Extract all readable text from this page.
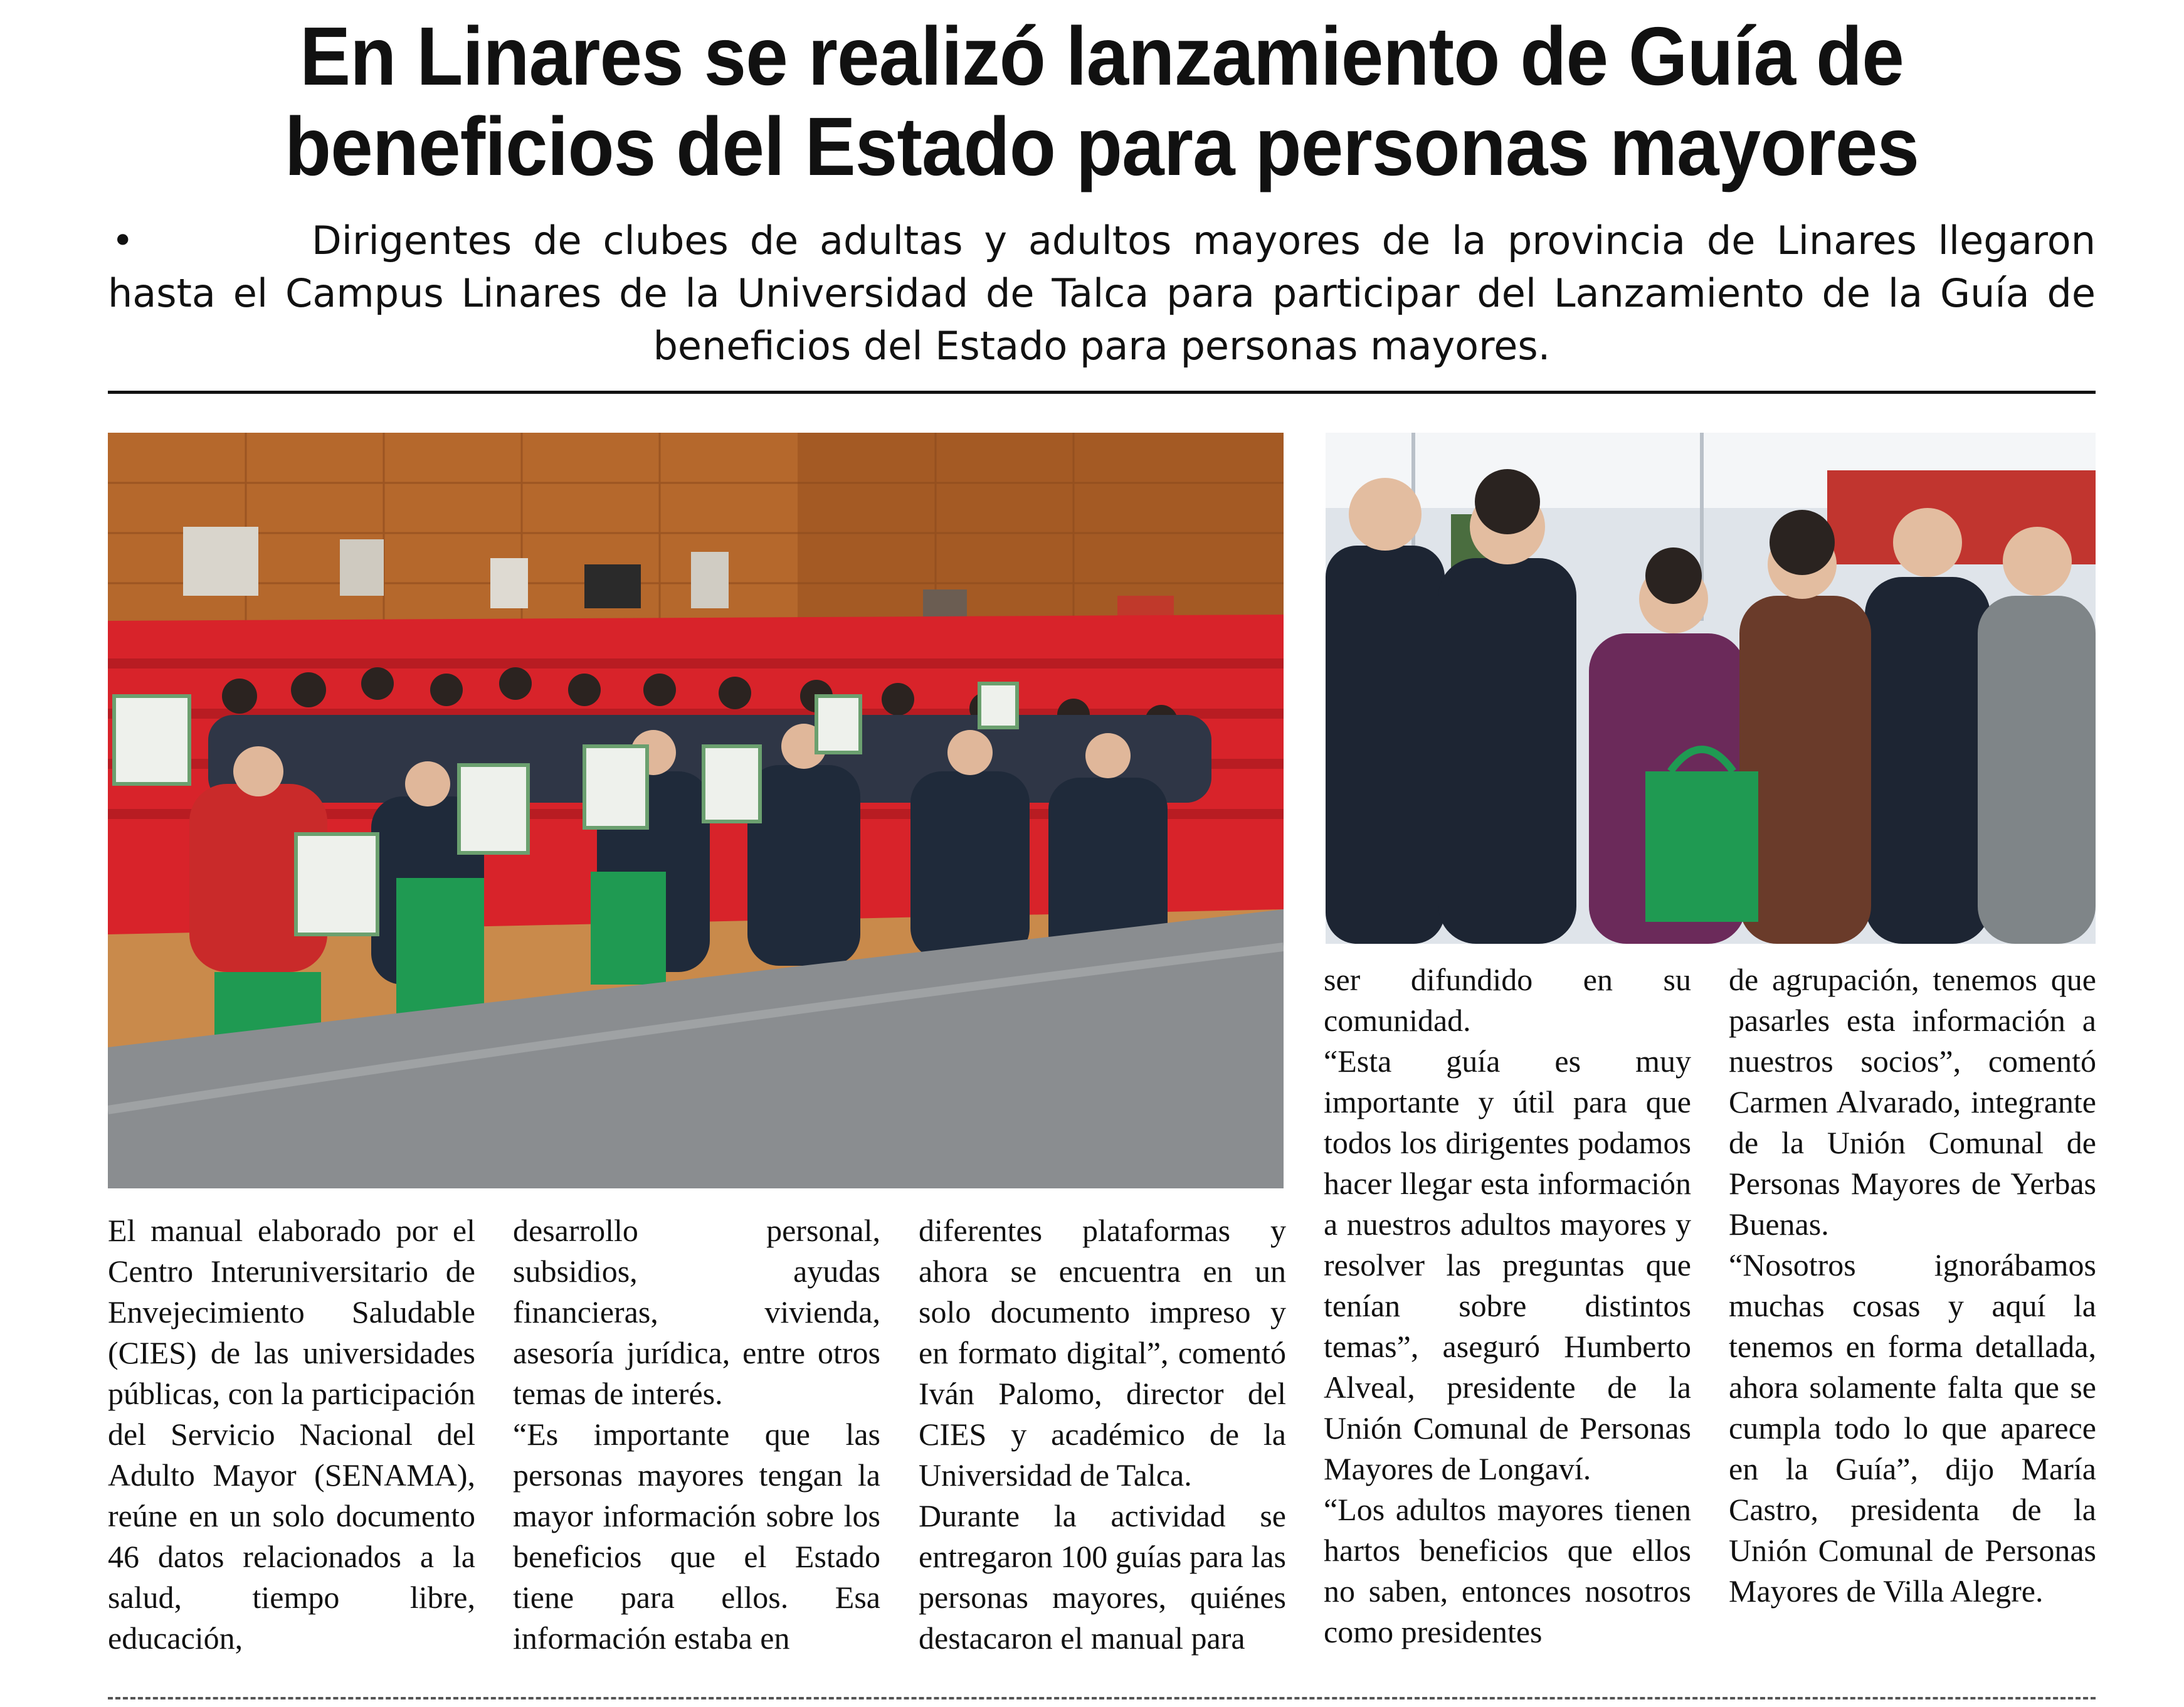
En Linares se realizó lanzamiento de Guía de beneficios del Estado para personas mayores
•	Dirigentes de clubes de adultas y adultos mayores de la provincia de Linares llegaron hasta el Campus Linares de la Universidad de Talca para participar del Lanzamiento de la Guía de beneficios del Estado para personas mayores.

El manual elaborado por el Centro Interuniversitario de Envejecimiento Saludable (CIES) de las universidades públicas, con la participación del Servicio Nacional del Adulto Mayor (SENAMA), reúne en un solo documento 46 datos relacionados a la salud, tiempo libre, educación,

desarrollo personal, subsidios, ayudas financieras, vivienda, asesoría jurídica, entre otros temas de interés.

“Es importante que las personas mayores tengan la mayor información sobre los beneficios que el Estado tiene para ellos. Esa información estaba en

diferentes plataformas y ahora se encuentra en un solo documento impreso y en formato digital”, comentó Iván Palomo, director del CIES y académico de la Universidad de Talca.

Durante la actividad se entregaron 100 guías para las personas mayores, quiénes destacaron el manual para

ser difundido en su comunidad.

“Esta guía es muy importante y útil para que todos los dirigentes podamos hacer llegar esta información a nuestros adultos mayores y resolver las preguntas que tenían sobre distintos temas”, aseguró Humberto Alveal, presidente de la Unión Comunal de Personas Mayores de Longaví.

“Los adultos mayores tienen hartos beneficios que ellos no saben, entonces nosotros como presidentes

de agrupación, tenemos que pasarles esta información a nuestros socios”, comentó Carmen Alvarado, integrante de la Unión Comunal de Personas Mayores de Yerbas Buenas.

“Nosotros ignorábamos muchas cosas y aquí la tenemos en forma detallada, ahora solamente falta que se cumpla todo lo que aparece en la Guía”, dijo María Castro, presidenta de la Unión Comunal de Personas Mayores de Villa Alegre.
